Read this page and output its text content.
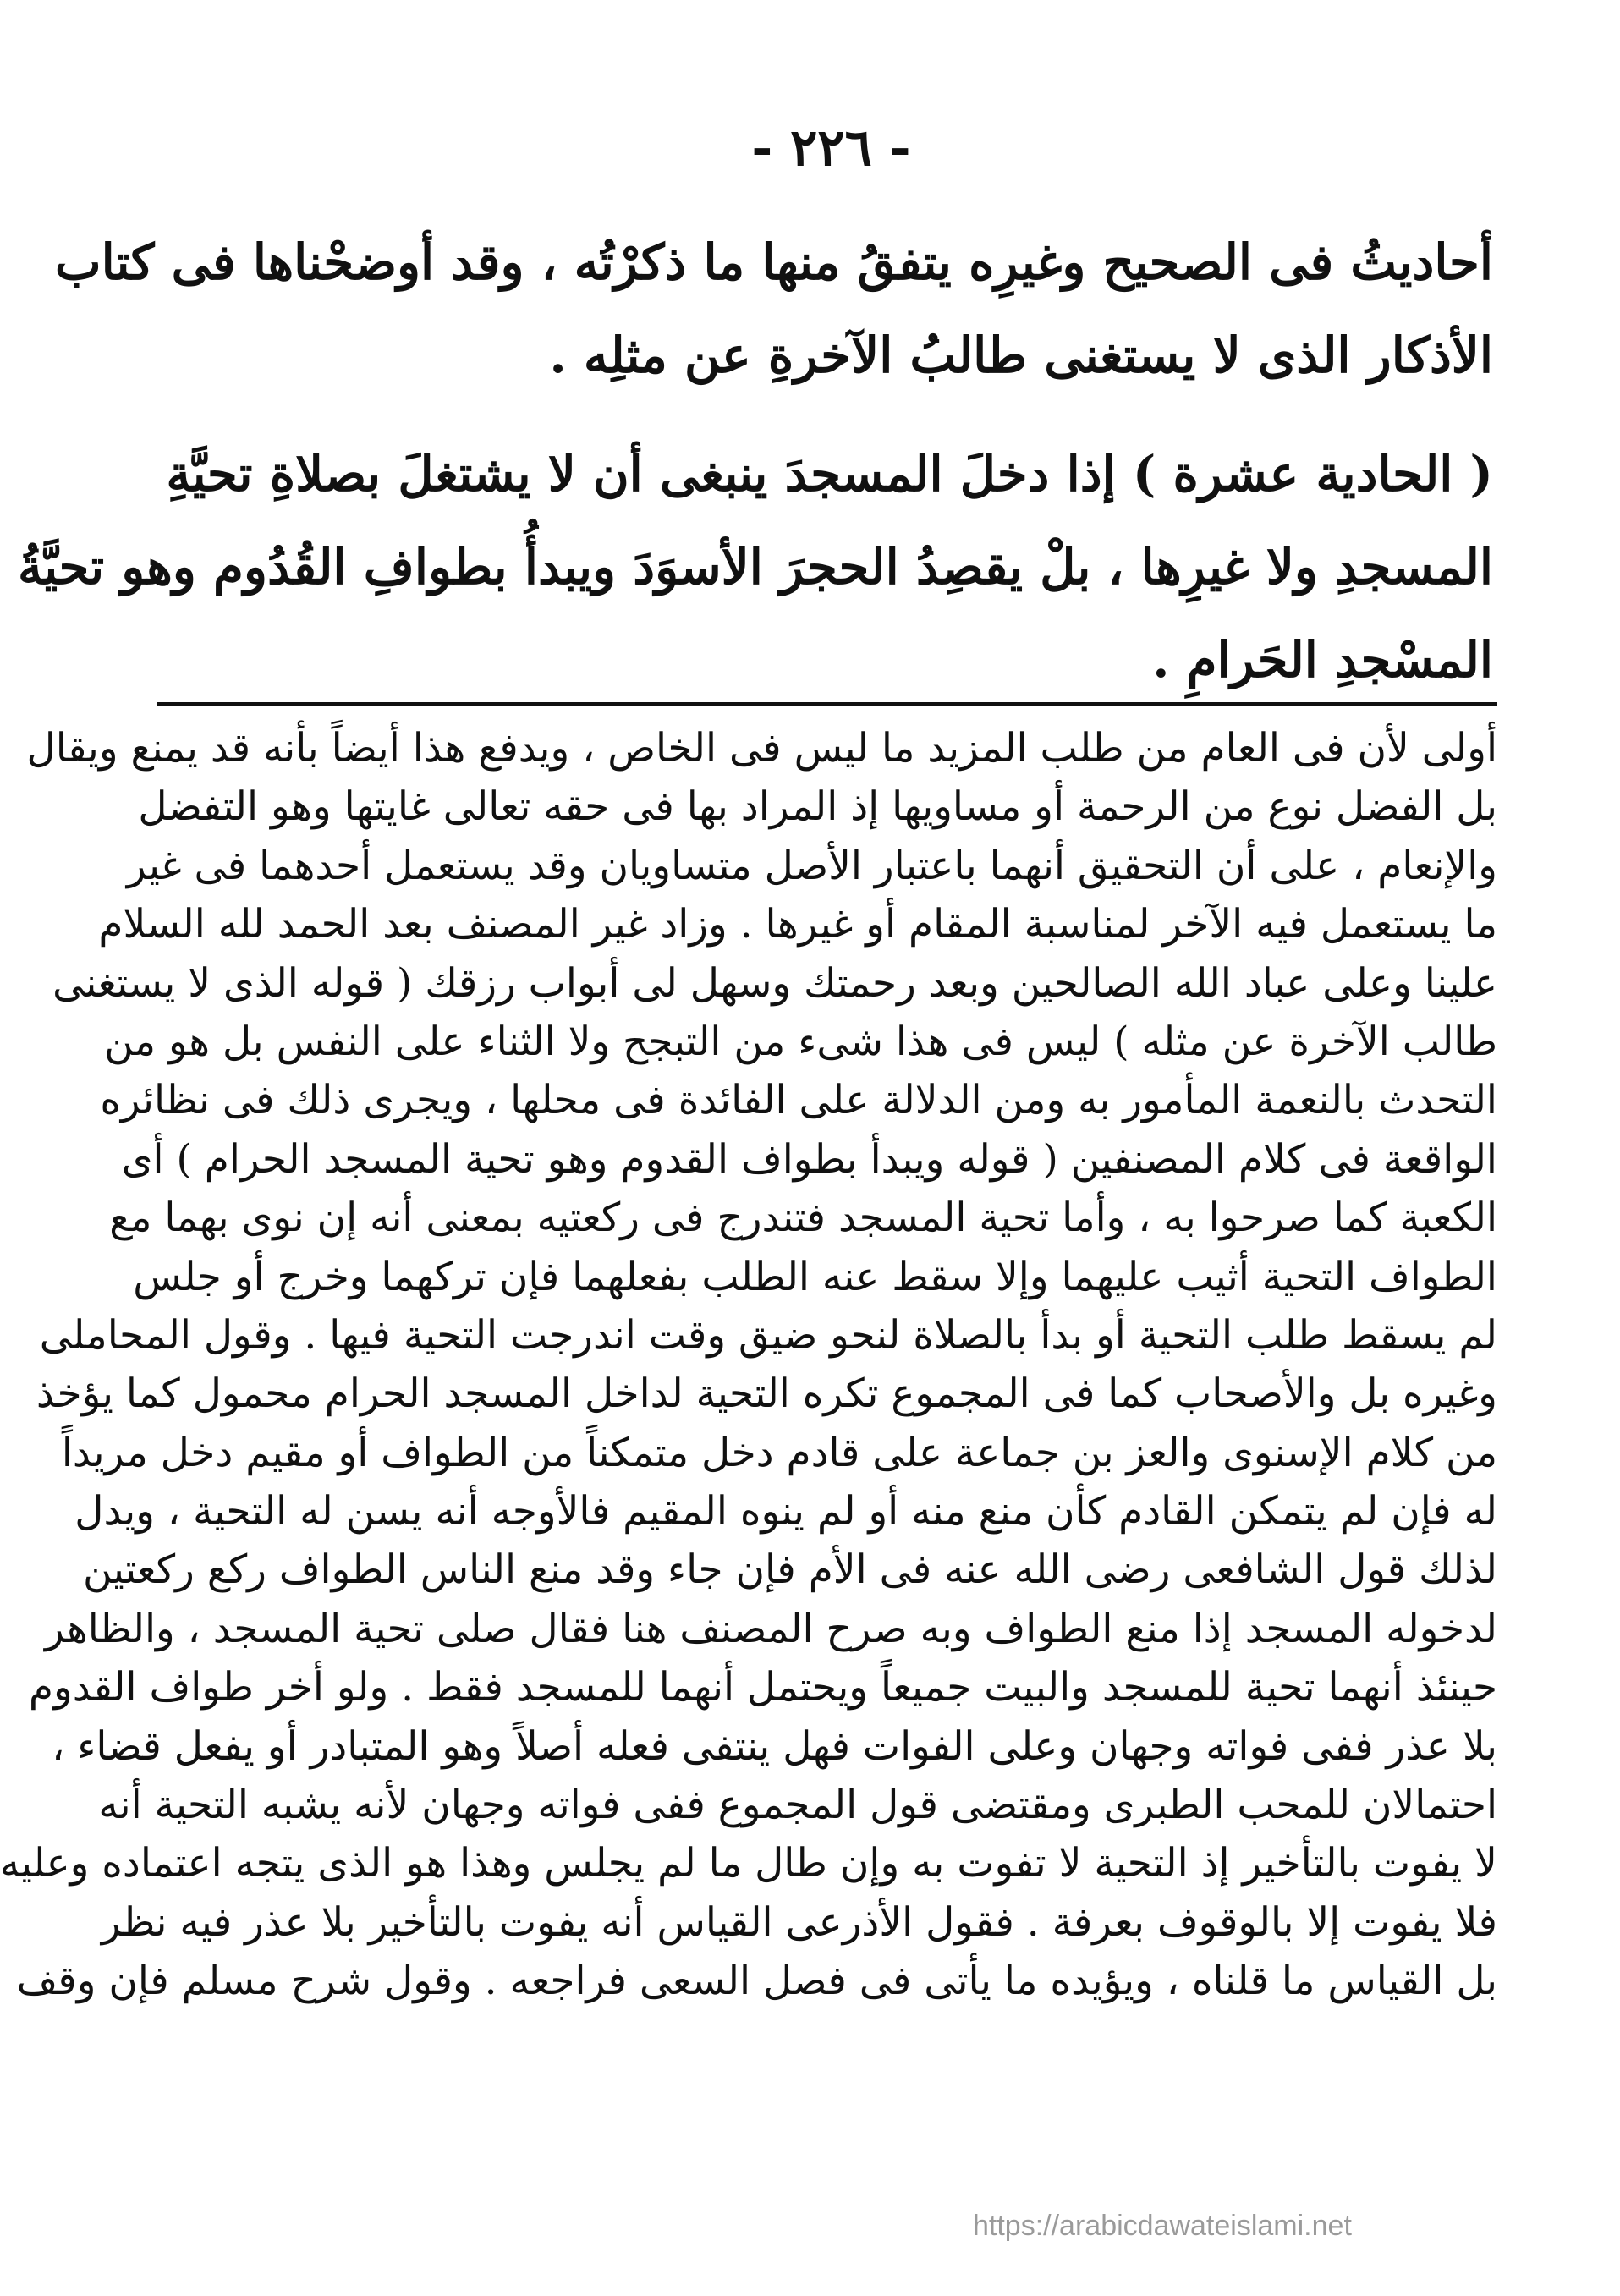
- ٢٢٦ -
أحاديثُ فى الصحيح وغيرِه يتفقُ منها ما ذكرْتُه ، وقد أوضحْناها فى كتاب
الأذكار الذى لا يستغنى طالبُ الآخرةِ عن مثلِه .
( الحادية عشرة ) إذا دخلَ المسجدَ ينبغى أن لا يشتغلَ بصلاةِ تحيَّةِ
المسجدِ ولا غيرِها ، بلْ يقصِدُ الحجرَ الأسوَدَ ويبدأُ بطوافِ القُدُوم وهو تحيَّةُ
المسْجدِ الحَرامِ .
أولى لأن فى العام من طلب المزيد ما ليس فى الخاص ، ويدفع هذا أيضاً بأنه قد يمنع ويقال
بل الفضل نوع من الرحمة أو مساويها إذ المراد بها فى حقه تعالى غايتها وهو التفضل
والإنعام ، على أن التحقيق أنهما باعتبار الأصل متساويان وقد يستعمل أحدهما فى غير
ما يستعمل فيه الآخر لمناسبة المقام أو غيرها . وزاد غير المصنف بعد الحمد لله السلام
علينا وعلى عباد الله الصالحين وبعد رحمتك وسهل لى أبواب رزقك ( قوله الذى لا يستغنى
طالب الآخرة عن مثله ) ليس فى هذا شىء من التبجح ولا الثناء على النفس بل هو من
التحدث بالنعمة المأمور به ومن الدلالة على الفائدة فى محلها ، ويجرى ذلك فى نظائره
الواقعة فى كلام المصنفين ( قوله ويبدأ بطواف القدوم وهو تحية المسجد الحرام ) أى
الكعبة كما صرحوا به ، وأما تحية المسجد فتندرج فى ركعتيه بمعنى أنه إن نوى بهما مع
الطواف التحية أثيب عليهما وإلا سقط عنه الطلب بفعلهما فإن تركهما وخرج أو جلس
لم يسقط طلب التحية أو بدأ بالصلاة لنحو ضيق وقت اندرجت التحية فيها . وقول المحاملى
وغيره بل والأصحاب كما فى المجموع تكره التحية لداخل المسجد الحرام محمول كما يؤخذ
من كلام الإسنوى والعز بن جماعة على قادم دخل متمكناً من الطواف أو مقيم دخل مريداً
له فإن لم يتمكن القادم كأن منع منه أو لم ينوه المقيم فالأوجه أنه يسن له التحية ، ويدل
لذلك قول الشافعى رضى الله عنه فى الأم فإن جاء وقد منع الناس الطواف ركع ركعتين
لدخوله المسجد إذا منع الطواف وبه صرح المصنف هنا فقال صلى تحية المسجد ، والظاهر
حينئذ أنهما تحية للمسجد والبيت جميعاً ويحتمل أنهما للمسجد فقط . ولو أخر طواف القدوم
بلا عذر ففى فواته وجهان وعلى الفوات فهل ينتفى فعله أصلاً وهو المتبادر أو يفعل قضاء ،
احتمالان للمحب الطبرى ومقتضى قول المجموع ففى فواته وجهان لأنه يشبه التحية أنه
لا يفوت بالتأخير إذ التحية لا تفوت به وإن طال ما لم يجلس وهذا هو الذى يتجه اعتماده وعليه
فلا يفوت إلا بالوقوف بعرفة . فقول الأذرعى القياس أنه يفوت بالتأخير بلا عذر فيه نظر
بل القياس ما قلناه ، ويؤيده ما يأتى فى فصل السعى فراجعه . وقول شرح مسلم فإن وقف
https://arabicdawateislami.net
